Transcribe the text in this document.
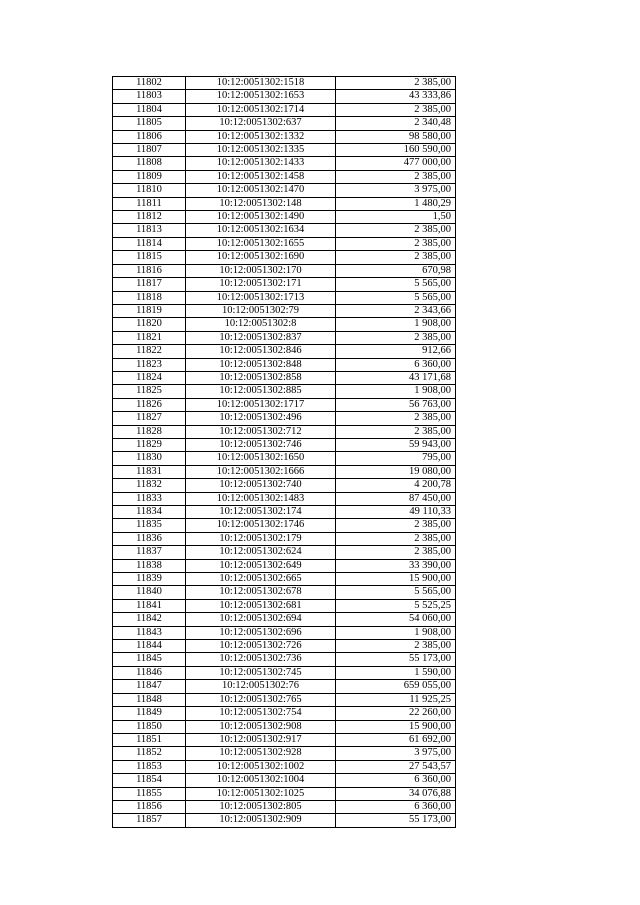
11802	10:12:0051302:1518	2 385,00
11803	10:12:0051302:1653	43 333,86
11804	10:12:0051302:1714	2 385,00
11805	10:12:0051302:637	2 340,48
11806	10:12:0051302:1332	98 580,00
11807	10:12:0051302:1335	160 590,00
11808	10:12:0051302:1433	477 000,00
11809	10:12:0051302:1458	2 385,00
11810	10:12:0051302:1470	3 975,00
11811	10:12:0051302:148	1 480,29
11812	10:12:0051302:1490	1,50
11813	10:12:0051302:1634	2 385,00
11814	10:12:0051302:1655	2 385,00
11815	10:12:0051302:1690	2 385,00
11816	10:12:0051302:170	670,98
11817	10:12:0051302:171	5 565,00
11818	10:12:0051302:1713	5 565,00
11819	10:12:0051302:79	2 343,66
11820	10:12:0051302:8	1 908,00
11821	10:12:0051302:837	2 385,00
11822	10:12:0051302:846	912,66
11823	10:12:0051302:848	6 360,00
11824	10:12:0051302:858	43 171,68
11825	10:12:0051302:885	1 908,00
11826	10:12:0051302:1717	56 763,00
11827	10:12:0051302:496	2 385,00
11828	10:12:0051302:712	2 385,00
11829	10:12:0051302:746	59 943,00
11830	10:12:0051302:1650	795,00
11831	10:12:0051302:1666	19 080,00
11832	10:12:0051302:740	4 200,78
11833	10:12:0051302:1483	87 450,00
11834	10:12:0051302:174	49 110,33
11835	10:12:0051302:1746	2 385,00
11836	10:12:0051302:179	2 385,00
11837	10:12:0051302:624	2 385,00
11838	10:12:0051302:649	33 390,00
11839	10:12:0051302:665	15 900,00
11840	10:12:0051302:678	5 565,00
11841	10:12:0051302:681	5 525,25
11842	10:12:0051302:694	54 060,00
11843	10:12:0051302:696	1 908,00
11844	10:12:0051302:726	2 385,00
11845	10:12:0051302:736	55 173,00
11846	10:12:0051302:745	1 590,00
11847	10:12:0051302:76	659 055,00
11848	10:12:0051302:765	11 925,25
11849	10:12:0051302:754	22 260,00
11850	10:12:0051302:908	15 900,00
11851	10:12:0051302:917	61 692,00
11852	10:12:0051302:928	3 975,00
11853	10:12:0051302:1002	27 543,57
11854	10:12:0051302:1004	6 360,00
11855	10:12:0051302:1025	34 076,88
11856	10:12:0051302:805	6 360,00
11857	10:12:0051302:909	55 173,00
